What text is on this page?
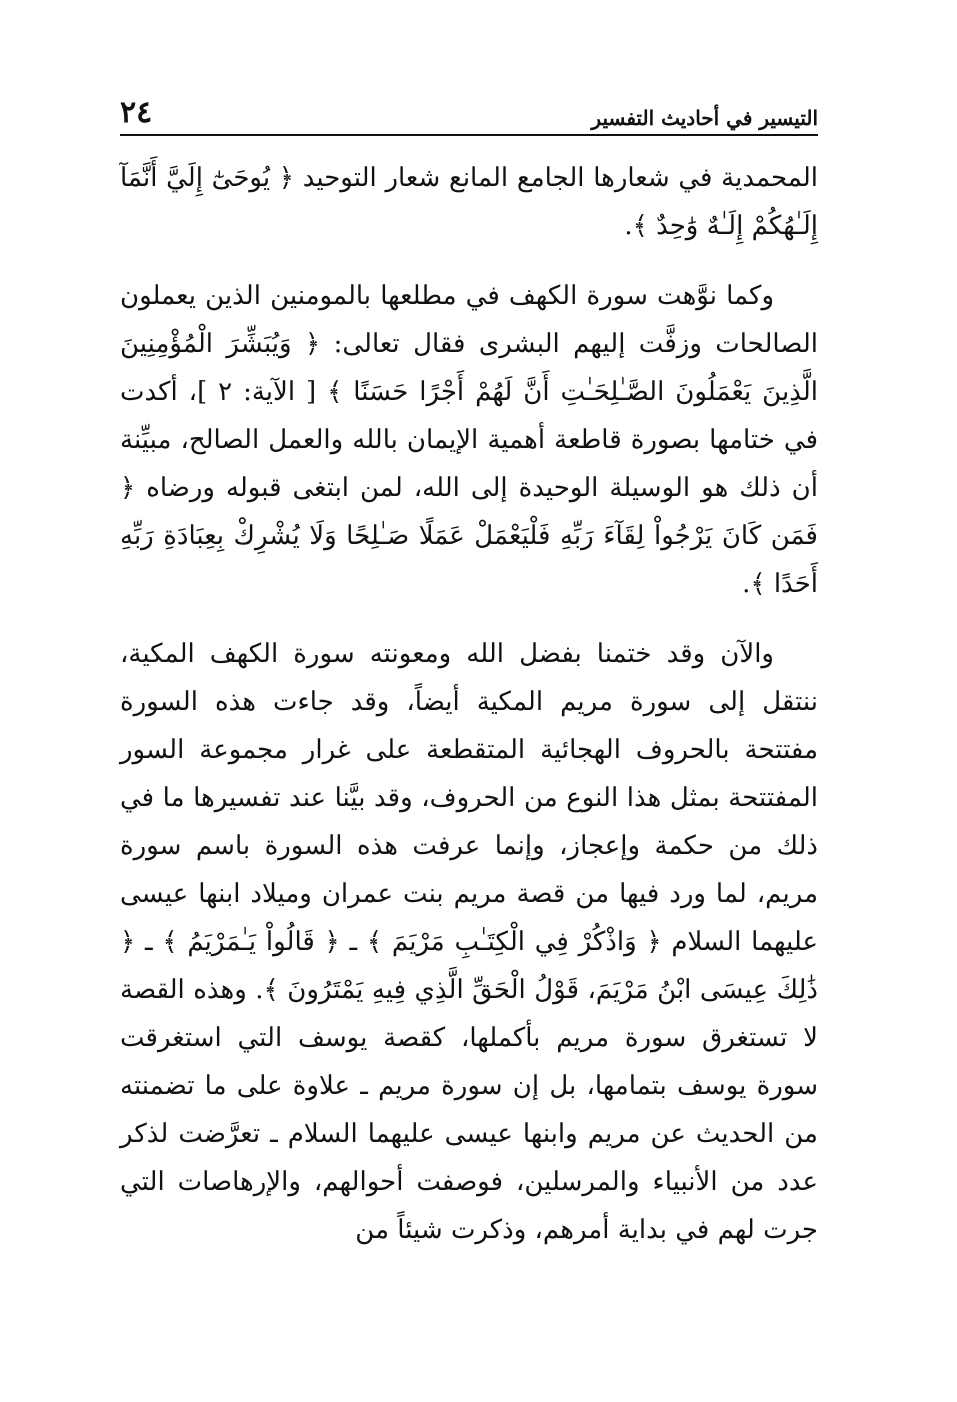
التيسير في أحاديث التفسير
٢٤

المحمدية في شعارها الجامع المانع شعار التوحيد ﴿ يُوحَىٰٓ إِلَيَّ أَنَّمَآ إِلَـٰهُكُمْ إِلَـٰهٌ وَٰحِدٌ ﴾.

وكما نوَّهت سورة الكهف في مطلعها بالمومنين الذين يعملون الصالحات وزفَّت إليهم البشرى فقال تعالى: ﴿ وَيُبَشِّرَ الْمُؤْمِنِينَ الَّذِينَ يَعْمَلُونَ الصَّـٰلِحَـٰتِ أَنَّ لَهُمْ أَجْرًا حَسَنًا ﴾ [ الآية: ٢ ]، أكدت في ختامها بصورة قاطعة أهمية الإيمان بالله والعمل الصالح، مبيِّنة أن ذلك هو الوسيلة الوحيدة إلى الله، لمن ابتغى قبوله ورضاه ﴿ فَمَن كَانَ يَرْجُواْ لِقَآءَ رَبِّهِ فَلْيَعْمَلْ عَمَلًا صَـٰلِحًا وَلَا يُشْرِكْ بِعِبَادَةِ رَبِّهِ أَحَدًا ﴾.

والآن وقد ختمنا بفضل الله ومعونته سورة الكهف المكية، ننتقل إلى سورة مريم المكية أيضاً، وقد جاءت هذه السورة مفتتحة بالحروف الهجائية المتقطعة على غرار مجموعة السور المفتتحة بمثل هذا النوع من الحروف، وقد بيَّنا عند تفسيرها ما في ذلك من حكمة وإعجاز، وإنما عرفت هذه السورة باسم سورة مريم، لما ورد فيها من قصة مريم بنت عمران وميلاد ابنها عيسى عليهما السلام ﴿ وَاذْكُرْ فِي الْكِتَـٰبِ مَرْيَمَ ﴾ ـ ﴿ قَالُواْ يَـٰمَرْيَمُ ﴾ ـ ﴿ ذَٰلِكَ عِيسَى ابْنُ مَرْيَمَ، قَوْلُ الْحَقِّ الَّذِي فِيهِ يَمْتَرُونَ ﴾. وهذه القصة لا تستغرق سورة مريم بأكملها، كقصة يوسف التي استغرقت سورة يوسف بتمامها، بل إن سورة مريم ـ علاوة على ما تضمنته من الحديث عن مريم وابنها عيسى عليهما السلام ـ تعرَّضت لذكر عدد من الأنبياء والمرسلين، فوصفت أحوالهم، والإرهاصات التي جرت لهم في بداية أمرهم، وذكرت شيئاً من
